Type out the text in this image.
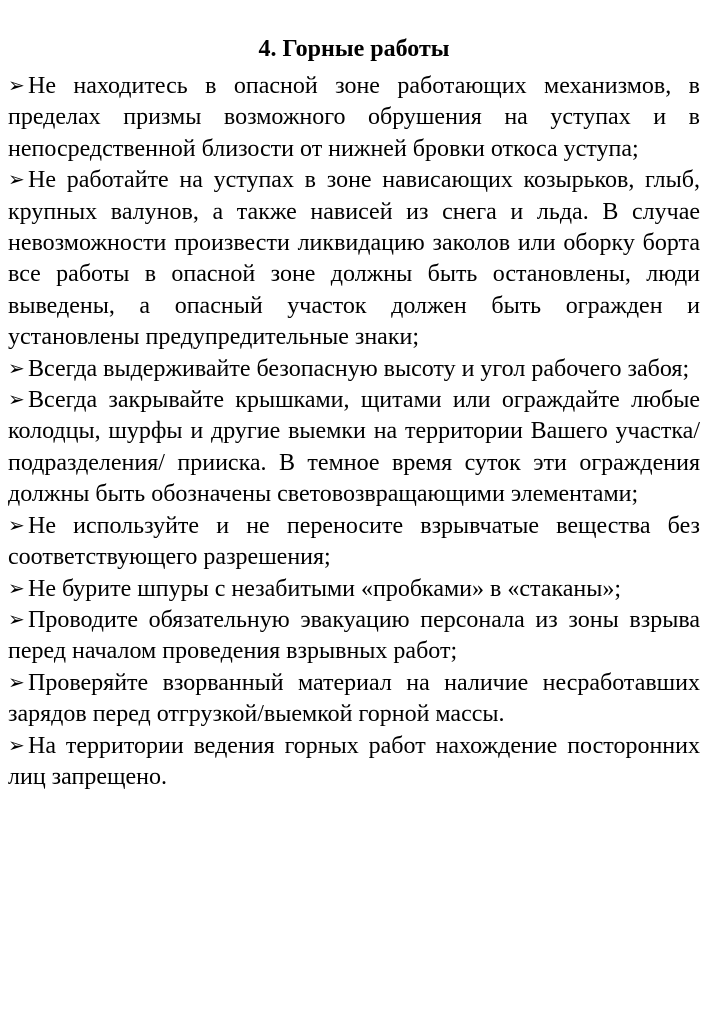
4. Горные работы
➢ Не находитесь в опасной зоне работающих механизмов, в пределах призмы возможного обрушения на уступах и в непосредственной близости от нижней бровки откоса уступа;
➢ Не работайте на уступах в зоне нависающих козырьков, глыб, крупных валунов, а также нависей из снега и льда. В случае невозможности произвести ликвидацию заколов или оборку борта все работы в опасной зоне должны быть остановлены, люди выведены, а опасный участок должен быть огражден и установлены предупредительные знаки;
➢ Всегда выдерживайте безопасную высоту и угол рабочего забоя;
➢ Всегда закрывайте крышками, щитами или ограждайте любые колодцы, шурфы и другие выемки на территории Вашего участка/подразделения/ прииска. В темное время суток эти ограждения должны быть обозначены световозвращающими элементами;
➢ Не используйте и не переносите взрывчатые вещества без соответствующего разрешения;
➢ Не бурите шпуры с незабитыми «пробками» в «стаканы»;
➢ Проводите обязательную эвакуацию персонала из зоны взрыва перед началом проведения взрывных работ;
➢ Проверяйте взорванный материал на наличие несработавших зарядов перед отгрузкой/выемкой горной массы.
➢ На территории ведения горных работ нахождение посторонних лиц запрещено.
